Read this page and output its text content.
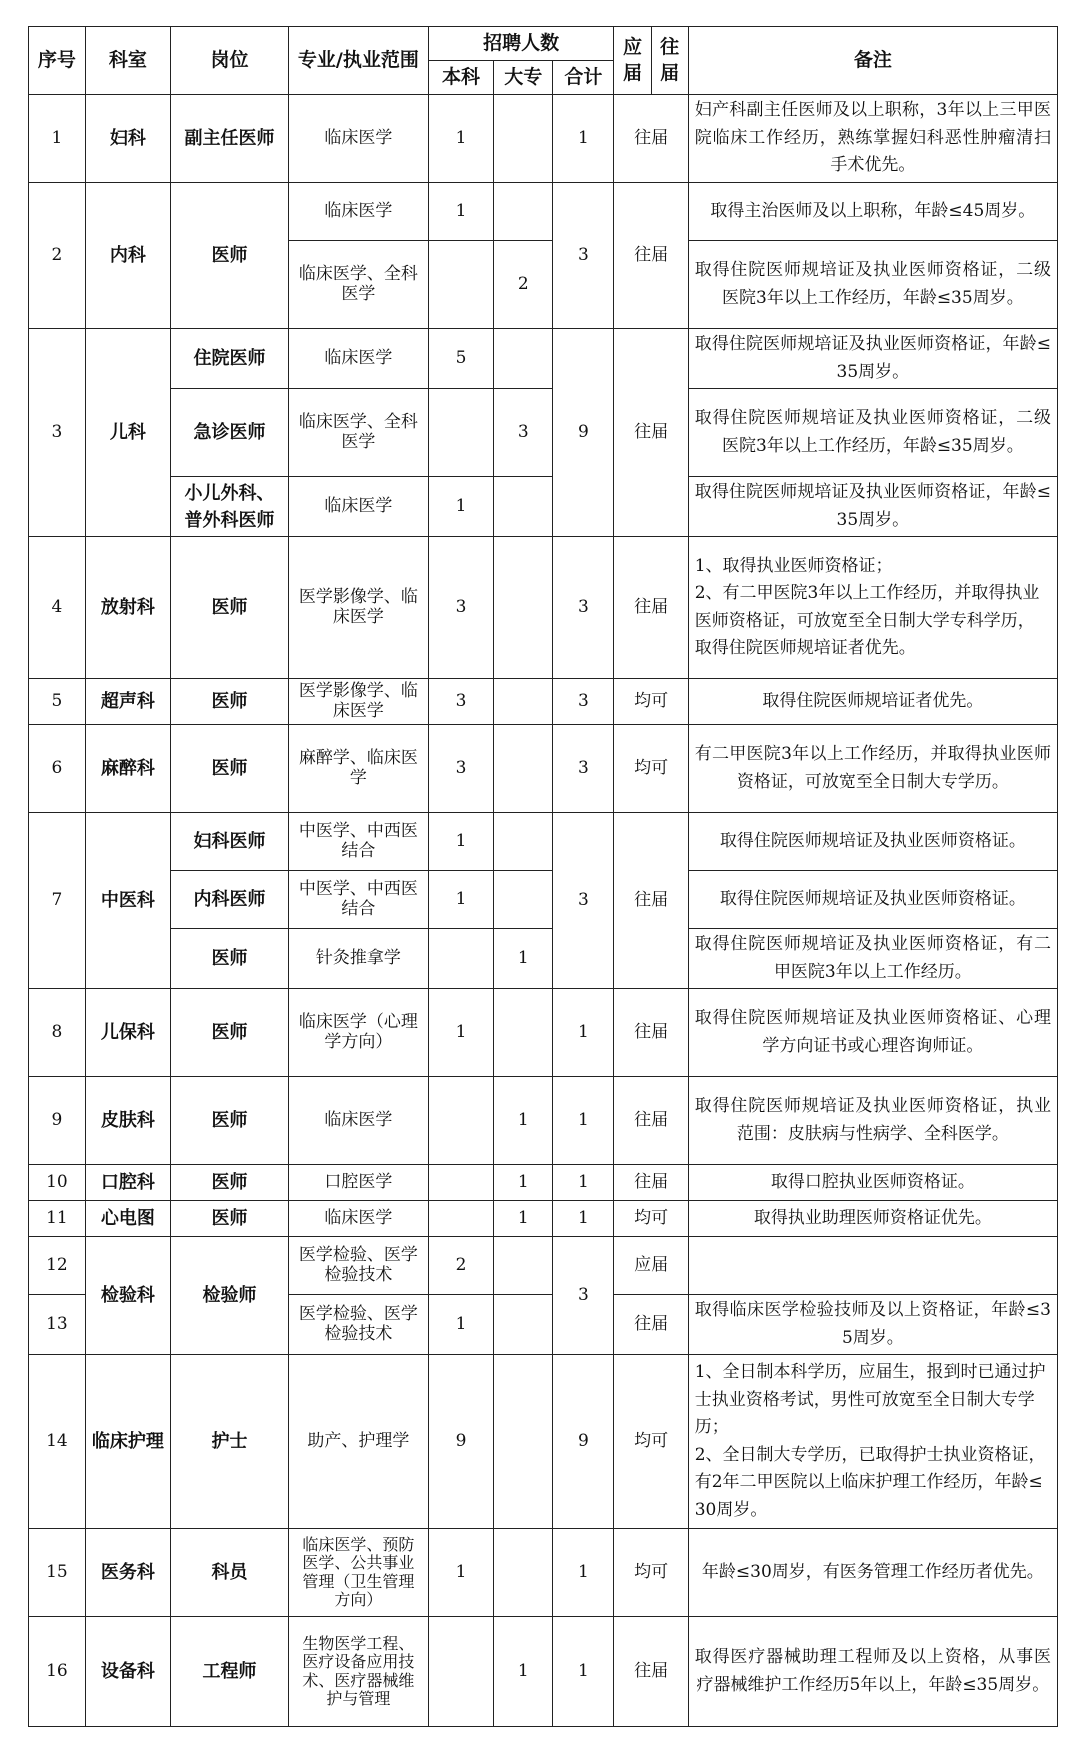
序号	科室	岗位	专业/执业范围	招聘人数			应届	往届	备注
				本科	大专	合计			
1	妇科	副主任医师	临床医学	1		1	往届		妇产科副主任医师及以上职称，3年以上三甲医院临床工作经历，熟练掌握妇科恶性肿瘤清扫手术优先。
2	内科	医师	临床医学	1		3	往届		取得主治医师及以上职称，年龄≤45周岁。
			临床医学、全科医学		2				取得住院医师规培证及执业医师资格证，二级医院3年以上工作经历，年龄≤35周岁。
3	儿科	住院医师	临床医学	5		9	往届		取得住院医师规培证及执业医师资格证，年龄≤35周岁。
		急诊医师	临床医学、全科医学		3				取得住院医师规培证及执业医师资格证，二级医院3年以上工作经历，年龄≤35周岁。
		小儿外科、普外科医师	临床医学	1					取得住院医师规培证及执业医师资格证，年龄≤35周岁。
4	放射科	医师	医学影像学、临床医学	3		3	往届		1、取得执业医师资格证；
2、有二甲医院3年以上工作经历，并取得执业医师资格证，可放宽至全日制大学专科学历，取得住院医师规培证者优先。
5	超声科	医师	医学影像学、临床医学	3		3	均可		取得住院医师规培证者优先。
6	麻醉科	医师	麻醉学、临床医学	3		3	均可		有二甲医院3年以上工作经历，并取得执业医师资格证，可放宽至全日制大专学历。
7	中医科	妇科医师	中医学、中西医结合	1		3	往届		取得住院医师规培证及执业医师资格证。
		内科医师	中医学、中西医结合	1					取得住院医师规培证及执业医师资格证。
		医师	针灸推拿学		1				取得住院医师规培证及执业医师资格证，有二甲医院3年以上工作经历。
8	儿保科	医师	临床医学（心理学方向）	1		1	往届		取得住院医师规培证及执业医师资格证、心理学方向证书或心理咨询师证。
9	皮肤科	医师	临床医学		1	1	往届		取得住院医师规培证及执业医师资格证，执业范围：皮肤病与性病学、全科医学。
10	口腔科	医师	口腔医学		1	1	往届		取得口腔执业医师资格证。
11	心电图	医师	临床医学		1	1	均可		取得执业助理医师资格证优先。
12	检验科	检验师	医学检验、医学检验技术	2		3	应届		
13			医学检验、医学检验技术	1			往届		取得临床医学检验技师及以上资格证，年龄≤35周岁。
14	临床护理	护士	助产、护理学	9		9	均可		1、全日制本科学历，应届生，报到时已通过护士执业资格考试，男性可放宽至全日制大专学历；
2、全日制大专学历，已取得护士执业资格证，有2年二甲医院以上临床护理工作经历，年龄≤30周岁。
15	医务科	科员	临床医学、预防医学、公共事业管理（卫生管理方向）	1		1	均可		年龄≤30周岁，有医务管理工作经历者优先。
16	设备科	工程师	生物医学工程、医疗设备应用技术、医疗器械维护与管理		1	1	往届		取得医疗器械助理工程师及以上资格，从事医疗器械维护工作经历5年以上，年龄≤35周岁。
